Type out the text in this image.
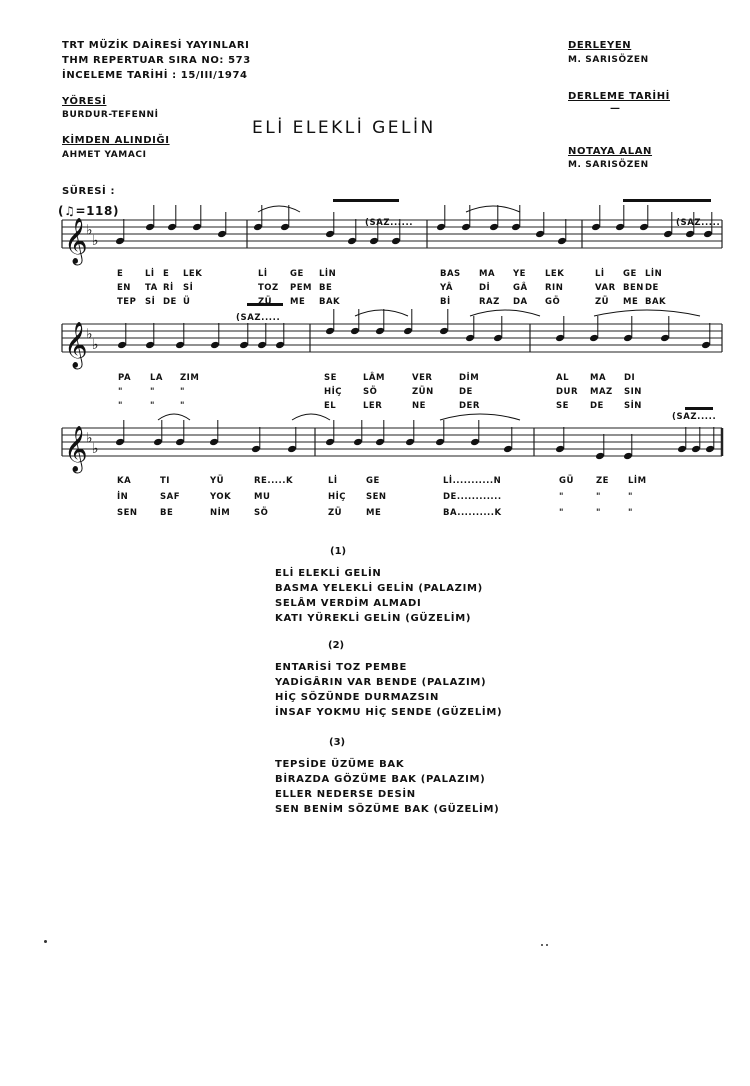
TRT MÜZİK DAİRESİ YAYINLARI
THM REPERTUAR SIRA NO: 573
İNCELEME TARİHİ : 15/III/1974
YÖRESİ
BURDUR-TEFENNİ
KİMDEN ALINDIĞI
AHMET YAMACI
DERLEYEN
M. SARISÖZEN
DERLEME TARİHİ
—
NOTAYA ALAN
M. SARISÖZEN
ELİ ELEKLİ GELİN
SÜRESİ :
(♫=118)
(SAZ......	(SAZ.....
(SAZ.....
(SAZ.....
𝄞
♭
♭
𝄞
♭
♭
𝄞
♭
♭
E	Lİ E LEK	Lİ	GE LİN	BAS MA YE LEK	Lİ GE LİN
EN TA Rİ Sİ	TOZ PEM BE	YÂ	Dİ	GÂ RIN	VAR BEN DE
TEP Sİ DE Ü	ZÜ ME BAK	Bİ	RAZ DA GÖ	ZÜ ME BAK
PA LA ZIM	SE	LÂM	VER	DİM	AL MA DI
"	"	"	HİÇ SÖ	ZÜN	DE	DUR MAZ SIN
"	"	"	EL	LER	NE	DER	SE DE SİN
KA	TI	YÜ	RE.....K	Lİ	GE	Lİ...........N	GÜ	ZE LİM
İN	SAF	YOK	MU	HİÇ SEN	DE............	"	"	"
SEN	BE	NİM	SÖ	ZÜ	ME	BA..........K	"	"	"
(1)
ELİ ELEKLİ GELİN
BASMA YELEKLİ GELİN (PALAZIM)
SELÂM VERDİM ALMADI
KATI YÜREKLİ GELİN (GÜZELİM)
(2)
ENTARİSİ TOZ PEMBE
YADİGÂRIN VAR BENDE (PALAZIM)
HİÇ SÖZÜNDE DURMAZSIN
İNSAF YOKMU HİÇ SENDE (GÜZELİM)
(3)
TEPSİDE ÜZÜME BAK
BİRAZDA GÖZÜME BAK (PALAZIM)
ELLER NEDERSE DESİN
SEN BENİM SÖZÜME BAK (GÜZELİM)
